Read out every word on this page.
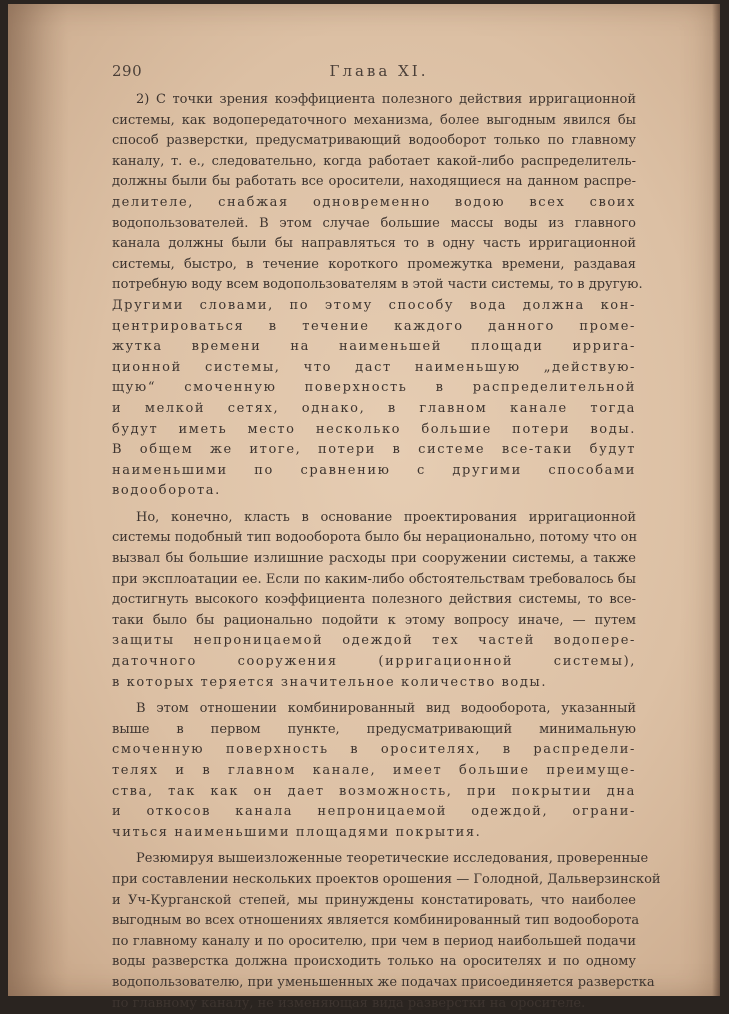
290	Глава XI.
2) С точки зрения коэффициента полезного действия ирригационной
системы, как водопередаточного механизма, более выгодным явился бы
способ разверстки, предусматривающий водооборот только по главному
каналу, т. е., следовательно, когда работает какой-либо распределитель-
должны были бы работать все оросители, находящиеся на данном распре-
делителе, снабжая одновременно водою всех своих
водопользователей. В этом случае большие массы воды из главного
канала должны были бы направляться то в одну часть ирригационной
системы, быстро, в течение короткого промежутка времени, раздавая
потребную воду всем водопользователям в этой части системы, то в другую.
Другими словами, по этому способу вода должна кон-
центрироваться в течение каждого данного проме-
жутка времени на наименьшей площади ирриrа-
ционной системы, что даст наименьшую „действую-
щую“ смоченную поверхность в распределительной
и мелкой сетях, однако, в главном канале тогда
будут иметь место несколько большие потери воды.
В общем же итоге, потери в системе все-таки будут
наименьшими по сравнению с другими способами
водооборота.
Но, конечно, класть в основание проектирования ирригационной
системы подобный тип водооборота было бы нерационально, потому что он
вызвал бы большие излишние расходы при сооружении системы, а также
при эксплоатации ее. Если по каким-либо обстоятельствам требовалось бы
достигнуть высокого коэффициента полезного действия системы, то все-
таки было бы рационально подойти к этому вопросу иначе, — путем
защиты непроницаемой одеждой тех частей водопере-
даточного сооружения (ирригационной системы),
в которых теряется значительное количество воды.
В этом отношении комбинированный вид водооборота, указанный
выше в первом пункте, предусматривающий минимальную
смоченную поверхность в оросителях, в распредели-
телях и в главном канале, имеет большие преимуще-
ства, так как он дает возможность, при покрытии дна
и откосов канала непроницаемой одеждой, ограни-
читься наименьшими площадями покрытия.
Резюмируя вышеизложенные теоретические исследования, проверенные
при составлении нескольких проектов орошения — Голодной, Дальверзинской
и Уч-Курганской степей, мы принуждены констатировать, что наиболее
выгодным во всех отношениях является комбинированный тип водооборота
по главному каналу и по оросителю, при чем в период наибольшей подачи
воды разверстка должна происходить только на оросителях и по одному
водопользователю, при уменьшенных же подачах присоединяется разверстка
по главному каналу, не изменяющая вида разверстки на оросителе.
